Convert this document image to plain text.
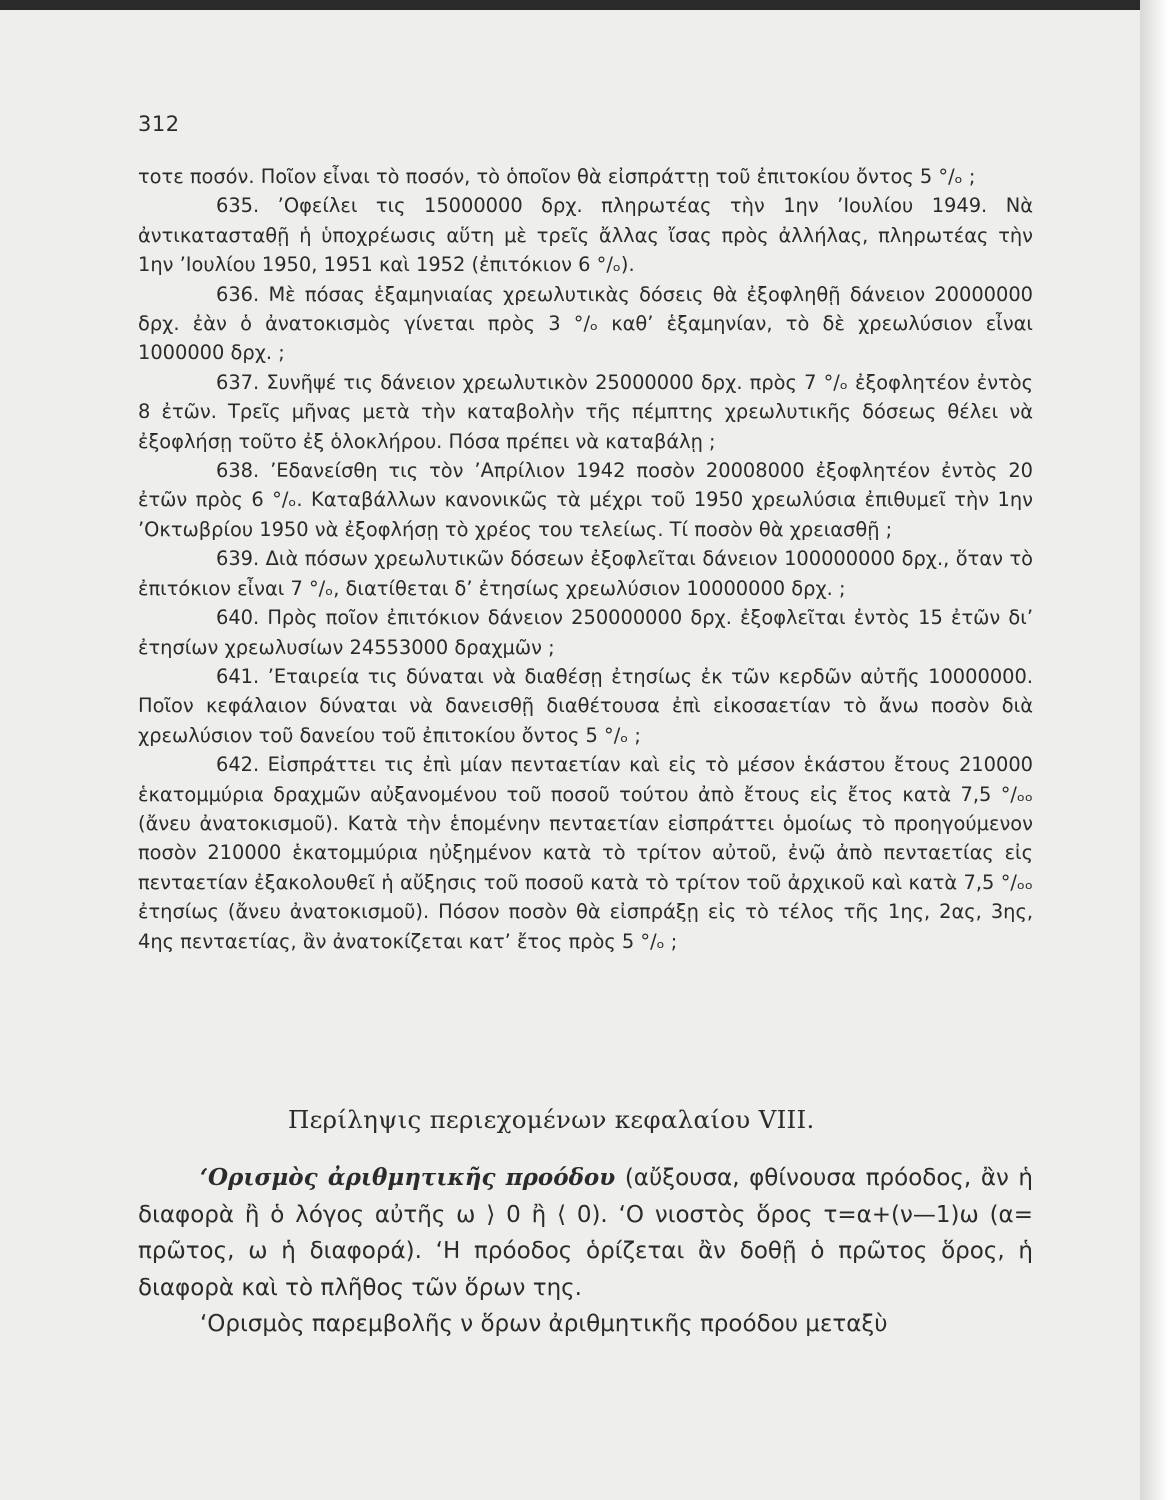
312

τοτε ποσόν. Ποῖον εἶναι τὸ ποσόν, τὸ ὁποῖον θὰ εἰσπράττῃ τοῦ ἐπιτοκίου ὄντος 5 °/ₒ ;

635. ’Οφείλει τις 15000000 δρχ. πληρωτέας τὴν 1ην ’Ιουλίου 1949. Νὰ ἀντικατασταθῇ ἡ ὑποχρέωσις αὕτη μὲ τρεῖς ἄλλας ἴσας πρὸς ἀλλήλας, πληρωτέας τὴν 1ην ’Ιουλίου 1950, 1951 καὶ 1952 (ἐπιτόκιον 6 °/ₒ).

636. Μὲ πόσας ἑξαμηνιαίας χρεωλυτικὰς δόσεις θὰ ἐξοφληθῇ δάνειον 20000000 δρχ. ἐὰν ὁ ἀνατοκισμὸς γίνεται πρὸς 3 °/ₒ καθ’ ἑξαμηνίαν, τὸ δὲ χρεωλύσιον εἶναι 1000000 δρχ. ;

637. Συνῆψέ τις δάνειον χρεωλυτικὸν 25000000 δρχ. πρὸς 7 °/ₒ ἐξοφλητέον ἐντὸς 8 ἐτῶν. Τρεῖς μῆνας μετὰ τὴν καταβολὴν τῆς πέμπτης χρεωλυτικῆς δόσεως θέλει νὰ ἐξοφλήσῃ τοῦτο ἐξ ὁλοκλήρου. Πόσα πρέπει νὰ καταβάλῃ ;

638. ’Εδανείσθη τις τὸν ’Απρίλιον 1942 ποσὸν 20008000 ἐξοφλητέον ἐντὸς 20 ἐτῶν πρὸς 6 °/ₒ. Καταβάλλων κανονικῶς τὰ μέχρι τοῦ 1950 χρεωλύσια ἐπιθυμεῖ τὴν 1ην ’Οκτωβρίου 1950 νὰ ἐξοφλήσῃ τὸ χρέος του τελείως. Τί ποσὸν θὰ χρειασθῇ ;

639. Διὰ πόσων χρεωλυτικῶν δόσεων ἐξοφλεῖται δάνειον 100000000 δρχ., ὅταν τὸ ἐπιτόκιον εἶναι 7 °/ₒ, διατίθεται δ’ ἐτησίως χρεωλύσιον 10000000 δρχ. ;

640. Πρὸς ποῖον ἐπιτόκιον δάνειον 250000000 δρχ. ἐξοφλεῖται ἐντὸς 15 ἐτῶν δι’ ἐτησίων χρεωλυσίων 24553000 δραχμῶν ;

641. ’Εταιρεία τις δύναται νὰ διαθέσῃ ἐτησίως ἐκ τῶν κερδῶν αὐτῆς 10000000. Ποῖον κεφάλαιον δύναται νὰ δανεισθῇ διαθέτουσα ἐπὶ εἰκοσαετίαν τὸ ἄνω ποσὸν διὰ χρεωλύσιον τοῦ δανείου τοῦ ἐπιτοκίου ὄντος 5 °/ₒ ;

642. Εἰσπράττει τις ἐπὶ μίαν πενταετίαν καὶ εἰς τὸ μέσον ἑκάστου ἔτους 210000 ἑκατομμύρια δραχμῶν αὐξανομένου τοῦ ποσοῦ τούτου ἀπὸ ἔτους εἰς ἔτος κατὰ 7,5 °/ₒₒ (ἄνευ ἀνατοκισμοῦ). Κατὰ τὴν ἑπομένην πενταετίαν εἰσπράττει ὁμοίως τὸ προηγούμενον ποσὸν 210000 ἑκατομμύρια ηὐξημένον κατὰ τὸ τρίτον αὐτοῦ, ἐνῷ ἀπὸ πενταετίας εἰς πενταετίαν ἐξακολουθεῖ ἡ αὔξησις τοῦ ποσοῦ κατὰ τὸ τρίτον τοῦ ἀρχικοῦ καὶ κατὰ 7,5 °/ₒₒ ἐτησίως (ἄνευ ἀνατοκισμοῦ). Πόσον ποσὸν θὰ εἰσπράξῃ εἰς τὸ τέλος τῆς 1ης, 2ας, 3ης, 4ης πενταετίας, ἂν ἀνατοκίζεται κατ’ ἔτος πρὸς 5 °/ₒ ;

Περίληψις περιεχομένων κεφαλαίου VIII.

‘Ορισμὸς ἀριθμητικῆς προόδου (αὔξουσα, φθίνουσα πρόοδος, ἂν ἡ διαφορὰ ἢ ὁ λόγος αὐτῆς ω ⟩ 0 ἢ ⟨ 0). ‘Ο νιοστὸς ὅρος τ=α+(ν—1)ω (α= πρῶτος, ω ἡ διαφορά). ‘Η πρόοδος ὁρίζεται ἂν δοθῇ ὁ πρῶτος ὅρος, ἡ διαφορὰ καὶ τὸ πλῆθος τῶν ὅρων της.

‘Ορισμὸς παρεμβολῆς ν ὅρων ἀριθμητικῆς προόδου μεταξὺ
